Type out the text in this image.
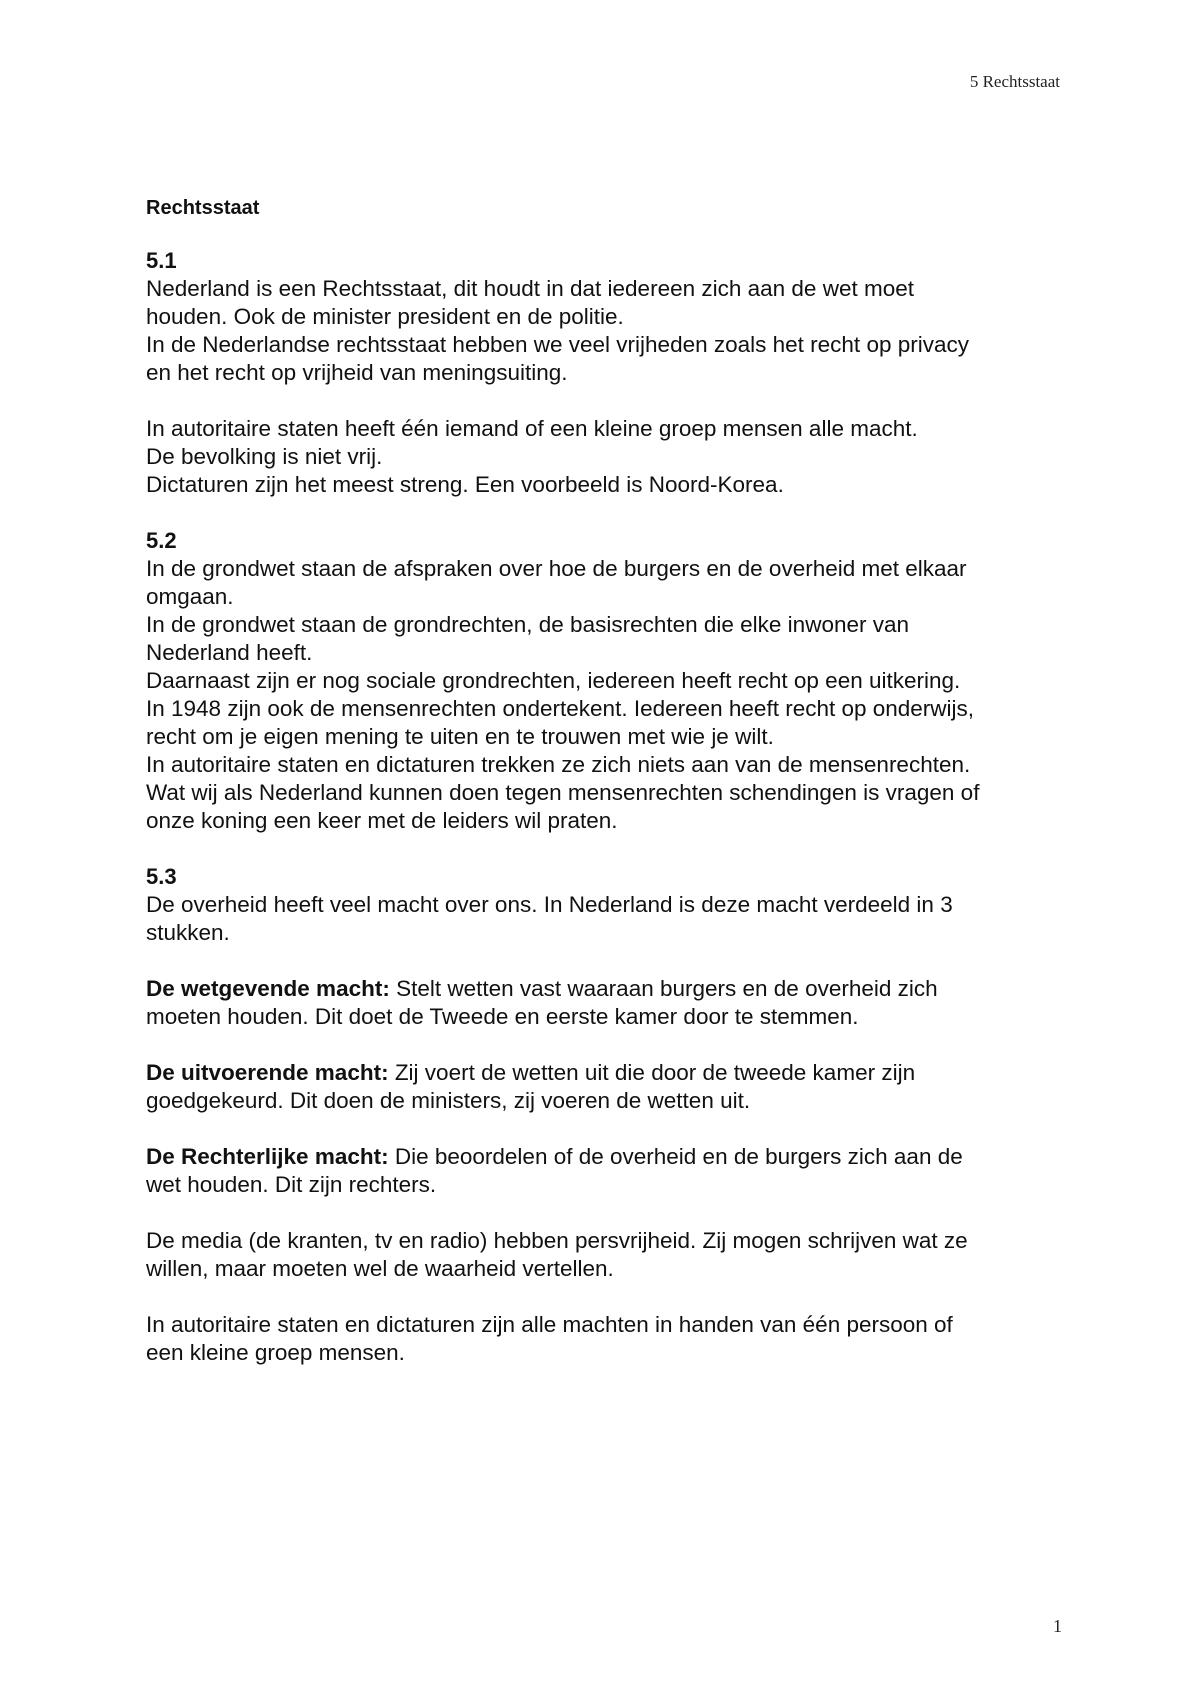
5 Rechtsstaat

Rechtsstaat

5.1

Nederland is een Rechtsstaat, dit houdt in dat iedereen zich aan de wet moet

houden. Ook de minister president en de politie.

In de Nederlandse rechtsstaat hebben we veel vrijheden zoals het recht op privacy

en het recht op vrijheid van meningsuiting.

In autoritaire staten heeft één iemand of een kleine groep mensen alle macht.

De bevolking is niet vrij.

Dictaturen zijn het meest streng. Een voorbeeld is Noord-Korea.

5.2

In de grondwet staan de afspraken over hoe de burgers en de overheid met elkaar

omgaan.

In de grondwet staan de grondrechten, de basisrechten die elke inwoner van

Nederland heeft.

Daarnaast zijn er nog sociale grondrechten, iedereen heeft recht op een uitkering.

In 1948 zijn ook de mensenrechten ondertekent. Iedereen heeft recht op onderwijs,

recht om je eigen mening te uiten en te trouwen met wie je wilt.

In autoritaire staten en dictaturen trekken ze zich niets aan van de mensenrechten.

Wat wij als Nederland kunnen doen tegen mensenrechten schendingen is vragen of

onze koning een keer met de leiders wil praten.

5.3

De overheid heeft veel macht over ons. In Nederland is deze macht verdeeld in 3

stukken.

De wetgevende macht: Stelt wetten vast waaraan burgers en de overheid zich

moeten houden. Dit doet de Tweede en eerste kamer door te stemmen.

De uitvoerende macht: Zij voert de wetten uit die door de tweede kamer zijn

goedgekeurd. Dit doen de ministers, zij voeren de wetten uit.

De Rechterlijke macht: Die beoordelen of de overheid en de burgers zich aan de

wet houden. Dit zijn rechters.

De media (de kranten, tv en radio) hebben persvrijheid. Zij mogen schrijven wat ze

willen, maar moeten wel de waarheid vertellen.

In autoritaire staten en dictaturen zijn alle machten in handen van één persoon of

een kleine groep mensen.

1
